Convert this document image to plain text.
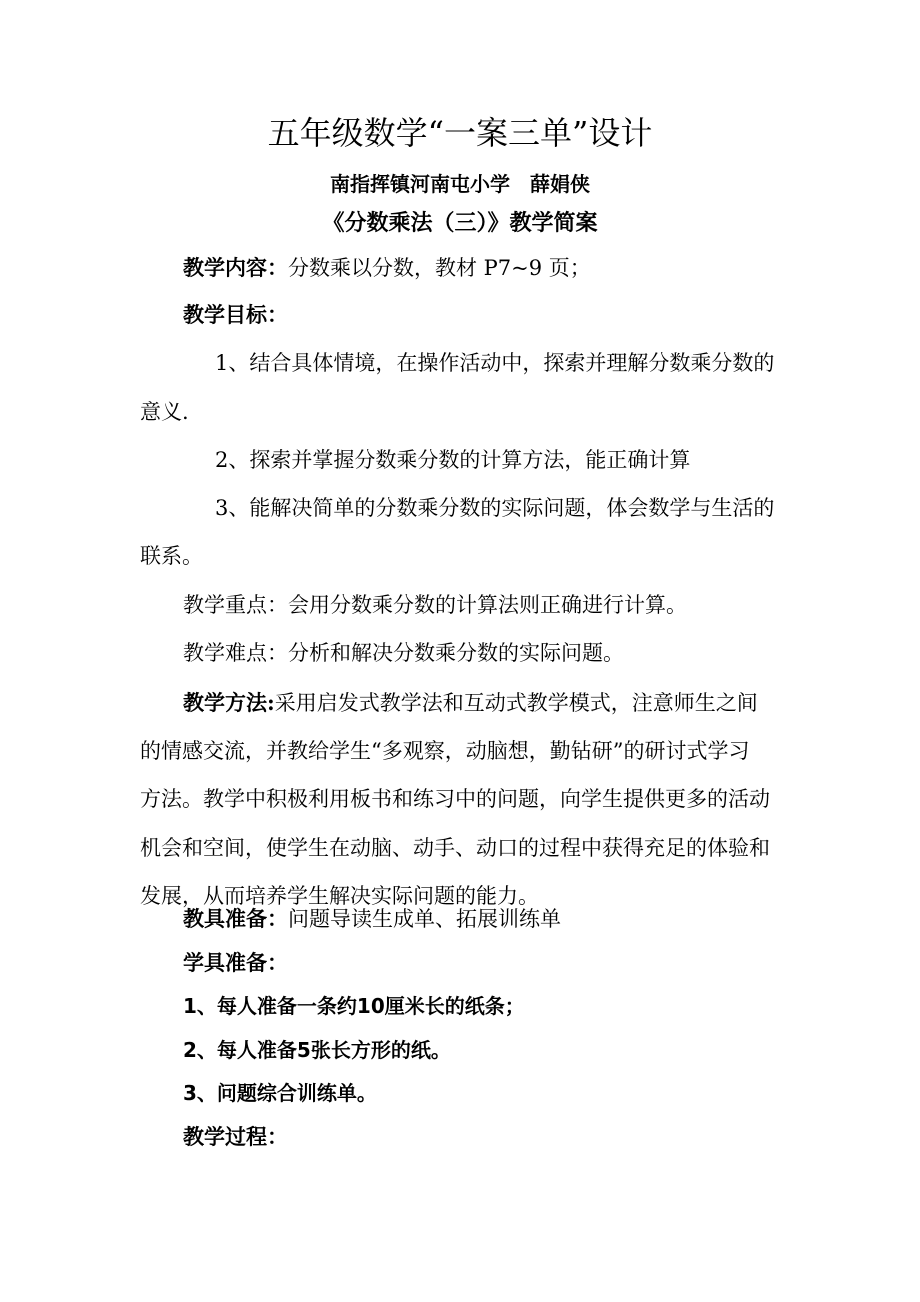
五年级数学“一案三单”设计
南指挥镇河南屯小学　薛娟侠
《分数乘法（三）》教学简案
教学内容：分数乘以分数，教材 P7~9 页；
教学目标：
1、结合具体情境，在操作活动中，探索并理解分数乘分数的
意义.
2、探索并掌握分数乘分数的计算方法，能正确计算
3、能解决简单的分数乘分数的实际问题，体会数学与生活的
联系。
教学重点：会用分数乘分数的计算法则正确进行计算。
教学难点：分析和解决分数乘分数的实际问题。
教学方法:采用启发式教学法和互动式教学模式，注意师生之间
的情感交流，并教给学生“多观察，动脑想，勤钻研”的研讨式学习
方法。教学中积极利用板书和练习中的问题，向学生提供更多的活动
机会和空间，使学生在动脑、动手、动口的过程中获得充足的体验和
发展，从而培养学生解决实际问题的能力。
教具准备：问题导读生成单、拓展训练单
学具准备：
1、每人准备一条约10厘米长的纸条；
2、每人准备5张长方形的纸。
3、问题综合训练单。
教学过程：
